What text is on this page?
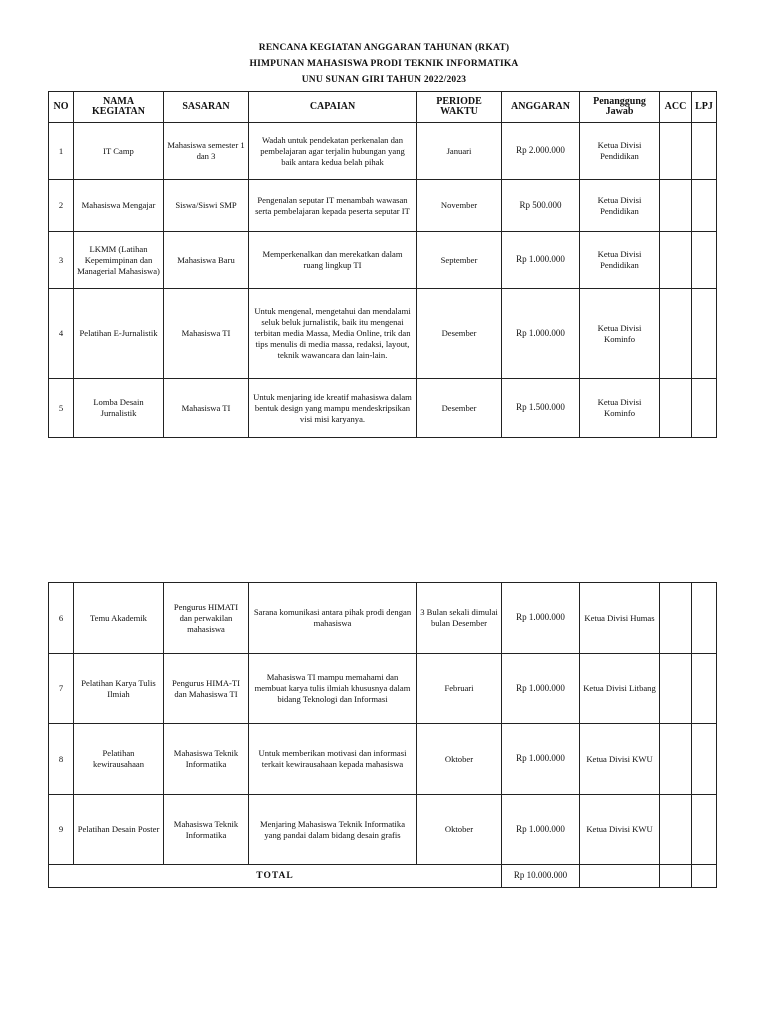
RENCANA KEGIATAN ANGGARAN TAHUNAN (RKAT)
HIMPUNAN MAHASISWA PRODI TEKNIK INFORMATIKA
UNU SUNAN GIRI TAHUN 2022/2023
NO	NAMA KEGIATAN	SASARAN	CAPAIAN	PERIODE WAKTU	ANGGARAN	Penanggung Jawab	ACC	LPJ
1	IT Camp	Mahasiswa semester 1 dan 3	Wadah untuk pendekatan perkenalan dan pembelajaran agar terjalin hubungan yang baik antara kedua belah pihak	Januari	Rp 2.000.000	Ketua Divisi Pendidikan		
2	Mahasiswa Mengajar	Siswa/Siswi SMP	Pengenalan seputar IT menambah wawasan serta pembelajaran kepada peserta seputar IT	November	Rp 500.000	Ketua Divisi Pendidikan		
3	LKMM (Latihan Kepemimpinan dan Managerial Mahasiswa)	Mahasiswa Baru	Memperkenalkan dan merekatkan dalam ruang lingkup TI	September	Rp 1.000.000	Ketua Divisi Pendidikan		
4	Pelatihan E-Jurnalistik	Mahasiswa TI	Untuk mengenal, mengetahui dan mendalami seluk beluk jurnalistik, baik itu mengenai terbitan media Massa, Media Online, trik dan tips menulis di media massa, redaksi, layout, teknik wawancara dan lain-lain.	Desember	Rp 1.000.000	Ketua Divisi Kominfo		
5	Lomba Desain Jurnalistik	Mahasiswa TI	Untuk menjaring ide kreatif mahasiswa dalam bentuk design yang mampu mendeskripsikan visi misi karyanya.	Desember	Rp 1.500.000	Ketua Divisi Kominfo		
6	Temu Akademik	Pengurus HIMATI dan perwakilan mahasiswa	Sarana komunikasi antara pihak prodi dengan mahasiswa	3 Bulan sekali dimulai bulan Desember	Rp 1.000.000	Ketua Divisi Humas		
7	Pelatihan Karya Tulis Ilmiah	Pengurus HIMA-TI dan Mahasiswa TI	Mahasiswa TI mampu memahami dan membuat karya tulis ilmiah khususnya dalam bidang Teknologi dan Informasi	Februari	Rp 1.000.000	Ketua Divisi Litbang		
8	Pelatihan kewirausahaan	Mahasiswa Teknik Informatika	Untuk memberikan motivasi dan informasi terkait kewirausahaan kepada mahasiswa	Oktober	Rp 1.000.000	Ketua Divisi KWU		
9	Pelatihan Desain Poster	Mahasiswa Teknik Informatika	Menjaring Mahasiswa Teknik Informatika yang pandai dalam bidang desain grafis	Oktober	Rp 1.000.000	Ketua Divisi KWU		
TOTAL					Rp 10.000.000			
